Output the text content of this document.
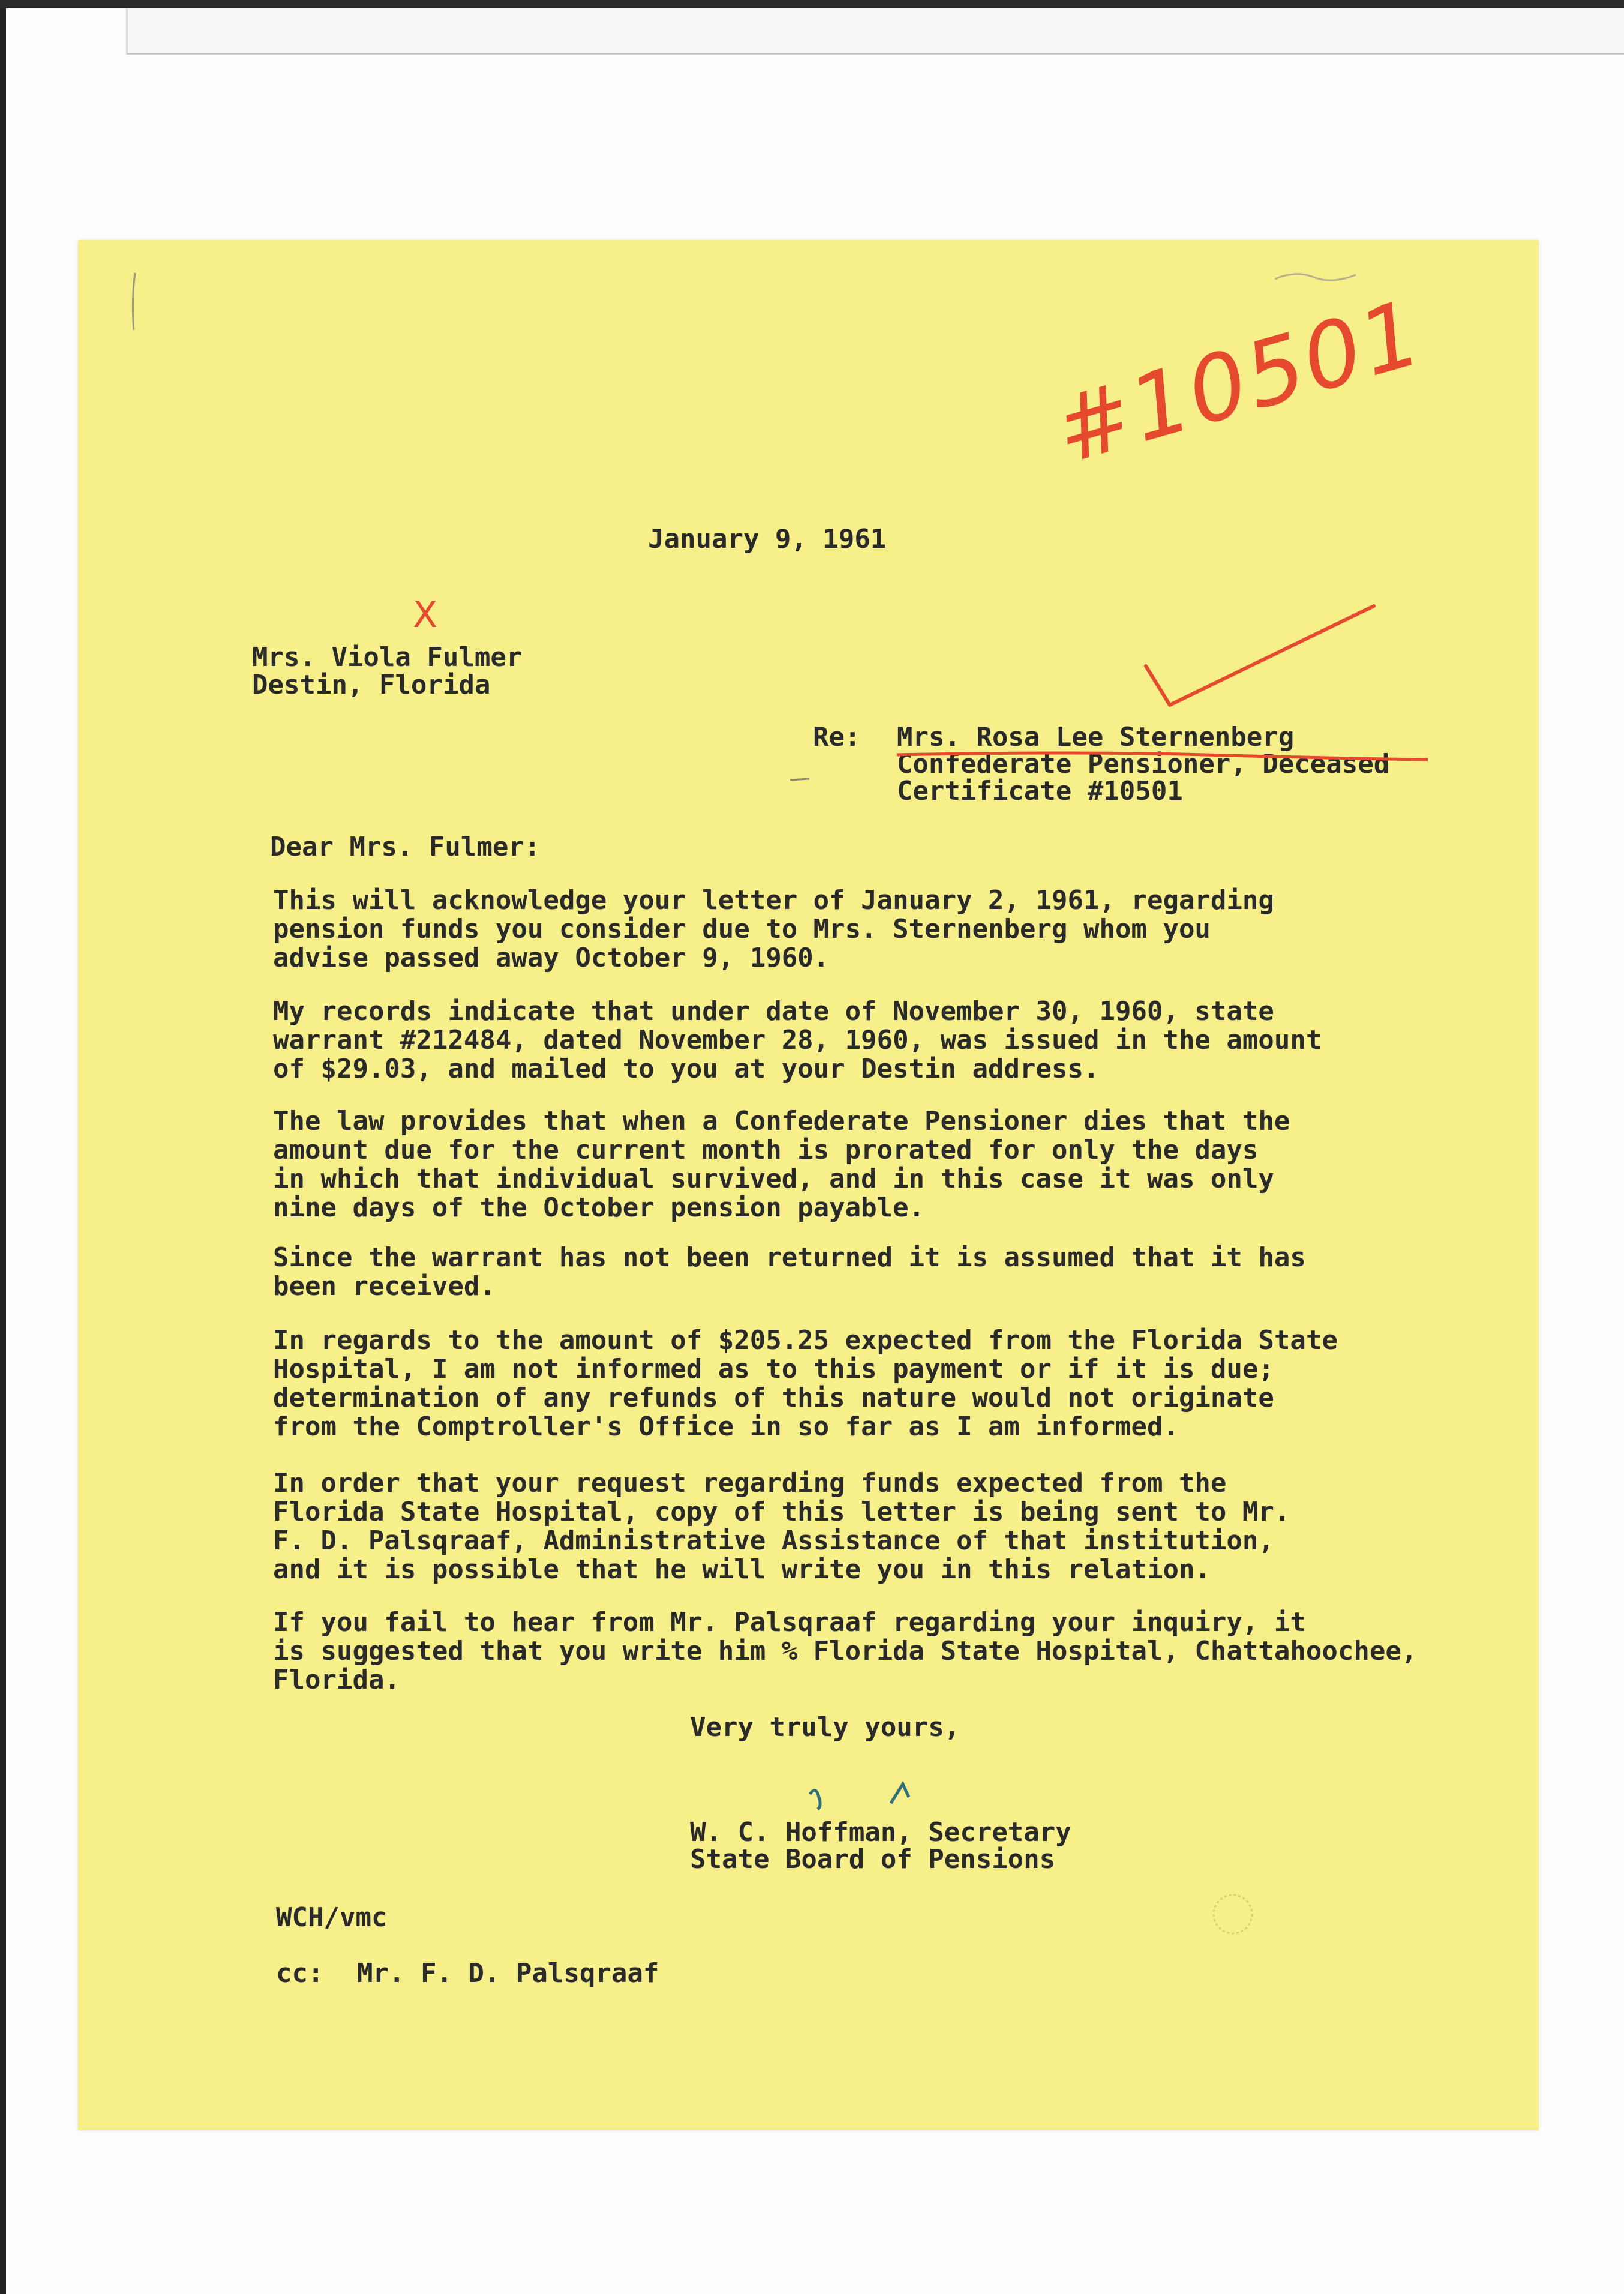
January 9, 1961

#10501
X

Mrs. Viola Fulmer

Destin, Florida

Re: Mrs. Rosa Lee Sternenberg

Confederate Pensioner, Deceased

Certificate #10501

Dear Mrs. Fulmer:

This will acknowledge your letter of January 2, 1961, regarding

pension funds you consider due to Mrs. Sternenberg whom you

advise passed away October 9, 1960.

My records indicate that under date of November 30, 1960, state

warrant #212484, dated November 28, 1960, was issued in the amount

of $29.03, and mailed to you at your Destin address.

The law provides that when a Confederate Pensioner dies that the

amount due for the current month is prorated for only the days

in which that individual survived, and in this case it was only

nine days of the October pension payable.

Since the warrant has not been returned it is assumed that it has

been received.

In regards to the amount of $205.25 expected from the Florida State

Hospital, I am not informed as to this payment or if it is due;

determination of any refunds of this nature would not originate

from the Comptroller's Office in so far as I am informed.

In order that your request regarding funds expected from the

Florida State Hospital, copy of this letter is being sent to Mr.

F. D. Palsqraaf, Administrative Assistance of that institution,

and it is possible that he will write you in this relation.

If you fail to hear from Mr. Palsqraaf regarding your inquiry, it

is suggested that you write him % Florida State Hospital, Chattahoochee,

Florida.

Very truly yours,

W. C. Hoffman, Secretary

State Board of Pensions

WCH/vmc

cc: Mr. F. D. Palsqraaf
